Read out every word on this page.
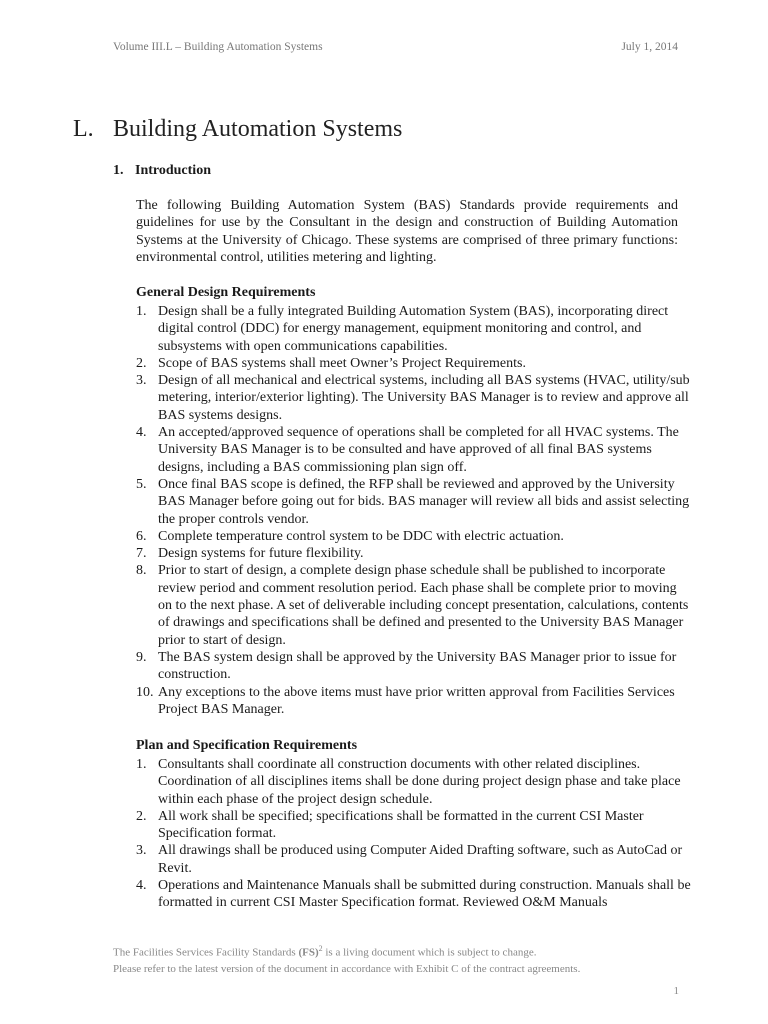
Volume III.L – Building Automation Systems	July 1, 2014
L. Building Automation Systems
1. Introduction

The following Building Automation System (BAS) Standards provide requirements and guidelines for use by the Consultant in the design and construction of Building Automation Systems at the University of Chicago. These systems are comprised of three primary functions: environmental control, utilities metering and lighting.

General Design Requirements
1. Design shall be a fully integrated Building Automation System (BAS), incorporating direct digital control (DDC) for energy management, equipment monitoring and control, and subsystems with open communications capabilities.
2. Scope of BAS systems shall meet Owner’s Project Requirements.
3. Design of all mechanical and electrical systems, including all BAS systems (HVAC, utility/sub metering, interior/exterior lighting). The University BAS Manager is to review and approve all BAS systems designs.
4. An accepted/approved sequence of operations shall be completed for all HVAC systems. The University BAS Manager is to be consulted and have approved of all final BAS systems designs, including a BAS commissioning plan sign off.
5. Once final BAS scope is defined, the RFP shall be reviewed and approved by the University BAS Manager before going out for bids. BAS manager will review all bids and assist selecting the proper controls vendor.
6. Complete temperature control system to be DDC with electric actuation.
7. Design systems for future flexibility.
8. Prior to start of design, a complete design phase schedule shall be published to incorporate review period and comment resolution period. Each phase shall be complete prior to moving on to the next phase. A set of deliverable including concept presentation, calculations, contents of drawings and specifications shall be defined and presented to the University BAS Manager prior to start of design.
9. The BAS system design shall be approved by the University BAS Manager prior to issue for construction.
10. Any exceptions to the above items must have prior written approval from Facilities Services Project BAS Manager.
Plan and Specification Requirements
1. Consultants shall coordinate all construction documents with other related disciplines. Coordination of all disciplines items shall be done during project design phase and take place within each phase of the project design schedule.
2. All work shall be specified; specifications shall be formatted in the current CSI Master Specification format.
3. All drawings shall be produced using Computer Aided Drafting software, such as AutoCad or Revit.
4. Operations and Maintenance Manuals shall be submitted during construction. Manuals shall be formatted in current CSI Master Specification format. Reviewed O&M Manuals
The Facilities Services Facility Standards (FS)$^2$ is a living document which is subject to change.
Please refer to the latest version of the document in accordance with Exhibit C of the contract agreements.
1
